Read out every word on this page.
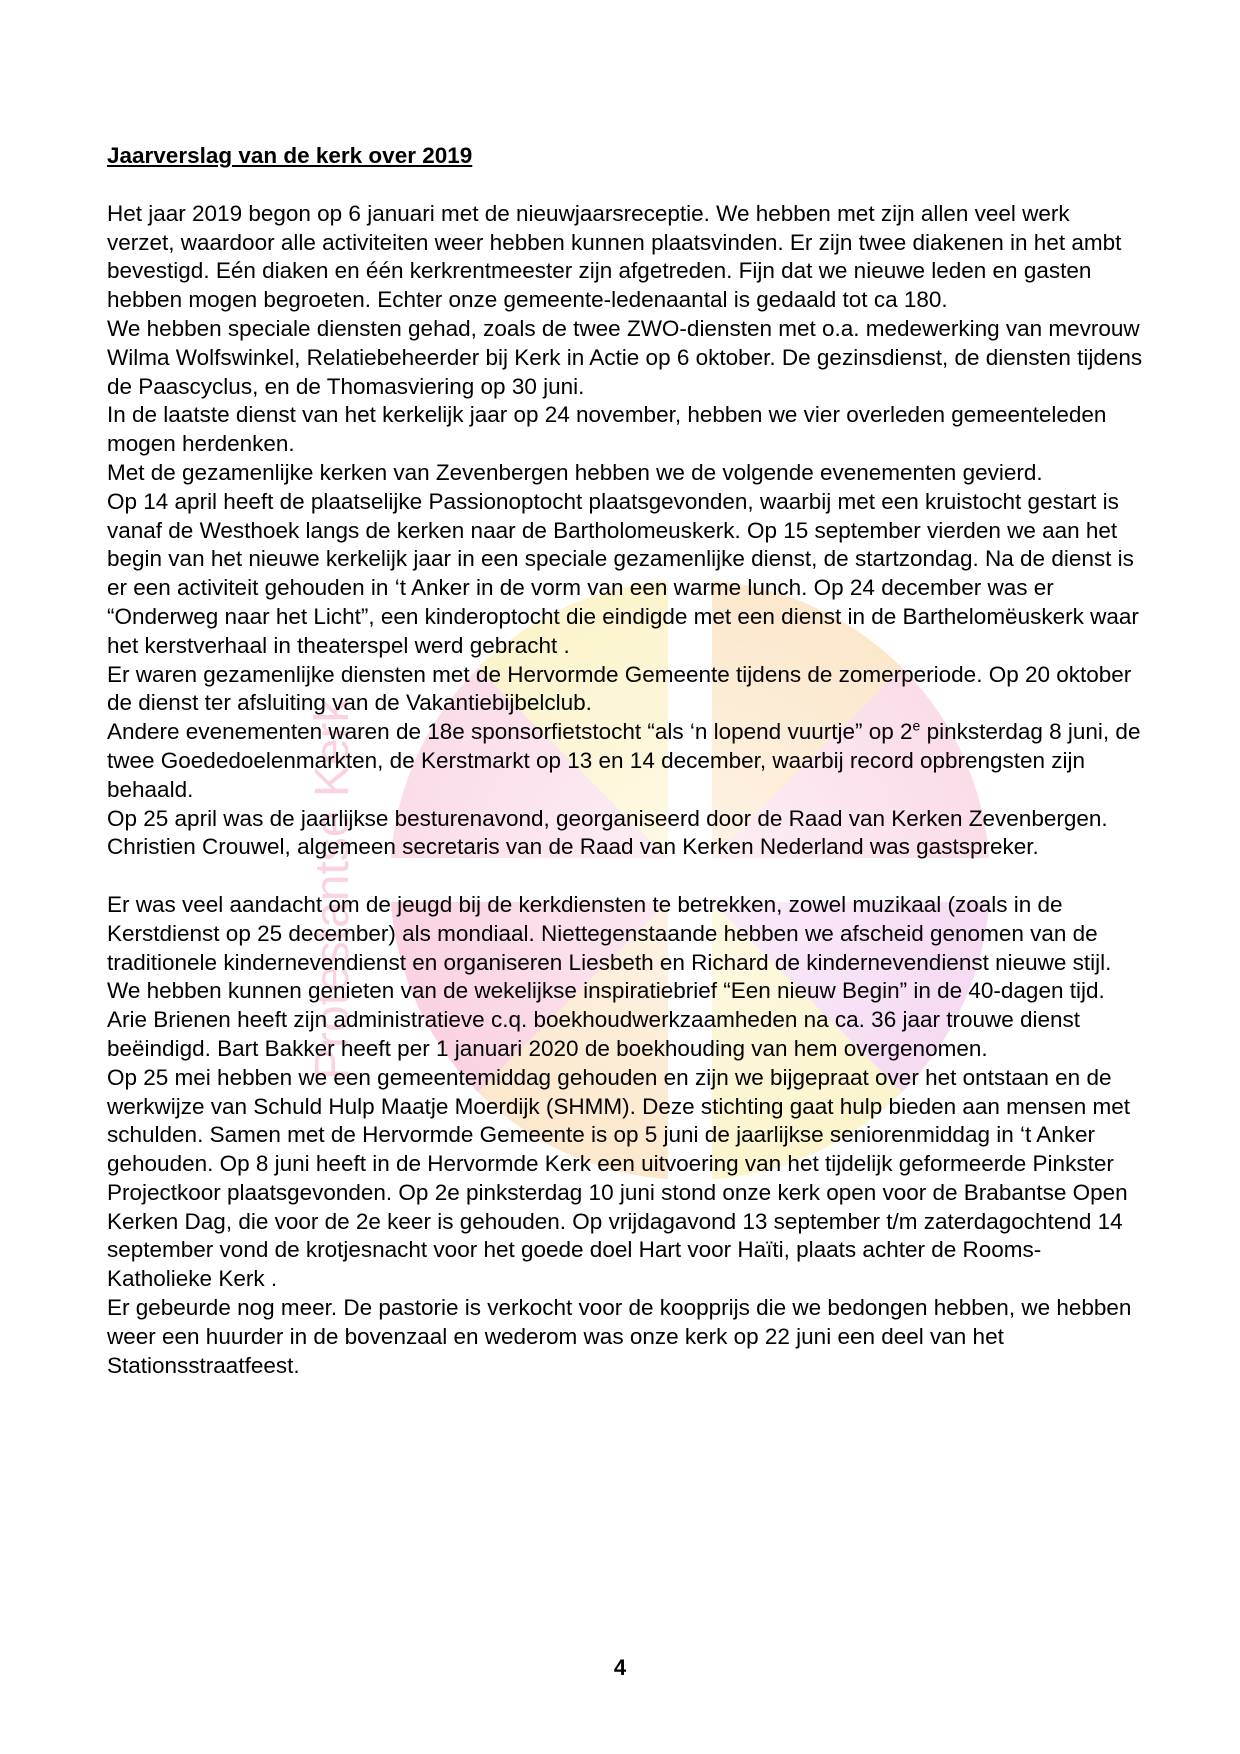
Protestantse Kerk
Jaarverslag van de kerk over 2019

Het jaar 2019 begon op 6 januari met de nieuwjaarsreceptie. We hebben met zijn allen veel werk verzet, waardoor alle activiteiten weer hebben kunnen plaatsvinden. Er zijn twee diakenen in het ambt bevestigd. Eén diaken en één kerkrentmeester zijn afgetreden. Fijn dat we nieuwe leden en gasten hebben mogen begroeten. Echter onze gemeente-ledenaantal is gedaald tot ca 180.

We hebben speciale diensten gehad, zoals de twee ZWO-diensten met o.a. medewerking van mevrouw Wilma Wolfswinkel, Relatiebeheerder bij Kerk in Actie op 6 oktober. De gezinsdienst, de diensten tijdens de Paascyclus, en de Thomasviering op 30 juni.

In de laatste dienst van het kerkelijk jaar op 24 november, hebben we vier overleden gemeenteleden mogen herdenken.

Met de gezamenlijke kerken van Zevenbergen hebben we de volgende evenementen gevierd.

Op 14 april heeft de plaatselijke Passionoptocht plaatsgevonden, waarbij met een kruistocht gestart is vanaf de Westhoek langs de kerken naar de Bartholomeuskerk. Op 15 september vierden we aan het begin van het nieuwe kerkelijk jaar in een speciale gezamenlijke dienst, de startzondag. Na de dienst is er een activiteit gehouden in ‘t Anker in de vorm van een warme lunch. Op 24 december was er “Onderweg naar het Licht”, een kinderoptocht die eindigde met een dienst in de Barthelomëuskerk waar het kerstverhaal in theaterspel werd gebracht .

Er waren gezamenlijke diensten met de Hervormde Gemeente tijdens de zomerperiode. Op 20 oktober de dienst ter afsluiting van de Vakantiebijbelclub.

Andere evenementen waren de 18e sponsorfietstocht “als ‘n lopend vuurtje” op 2e pinksterdag 8 juni, de twee Goededoelenmarkten, de Kerstmarkt op 13 en 14 december, waarbij record opbrengsten zijn behaald.

Op 25 april was de jaarlijkse besturenavond, georganiseerd door de Raad van Kerken Zevenbergen. Christien Crouwel, algemeen secretaris van de Raad van Kerken Nederland was gastspreker.

Er was veel aandacht om de jeugd bij de kerkdiensten te betrekken, zowel muzikaal (zoals in de Kerstdienst op 25 december) als mondiaal. Niettegenstaande hebben we afscheid genomen van de traditionele kindernevendienst en organiseren Liesbeth en Richard de kindernevendienst nieuwe stijl.

We hebben kunnen genieten van de wekelijkse inspiratiebrief “Een nieuw Begin” in de 40-dagen tijd. Arie Brienen heeft zijn administratieve c.q. boekhoudwerkzaamheden na ca. 36 jaar trouwe dienst beëindigd. Bart Bakker heeft per 1 januari 2020 de boekhouding van hem overgenomen.

Op 25 mei hebben we een gemeentemiddag gehouden en zijn we bijgepraat over het ontstaan en de werkwijze van Schuld Hulp Maatje Moerdijk (SHMM). Deze stichting gaat hulp bieden aan mensen met schulden. Samen met de Hervormde Gemeente is op 5 juni de jaarlijkse seniorenmiddag in ‘t Anker gehouden. Op 8 juni heeft in de Hervormde Kerk een uitvoering van het tijdelijk geformeerde Pinkster Projectkoor plaatsgevonden. Op 2e pinksterdag 10 juni stond onze kerk open voor de Brabantse Open Kerken Dag, die voor de 2e keer is gehouden. Op vrijdagavond 13 september t/m zaterdagochtend 14 september vond de krotjesnacht voor het goede doel Hart voor Haïti, plaats achter de Rooms-Katholieke Kerk .

Er gebeurde nog meer. De pastorie is verkocht voor de koopprijs die we bedongen hebben, we hebben weer een huurder in de bovenzaal en wederom was onze kerk op 22 juni een deel van het Stationsstraatfeest.

4
